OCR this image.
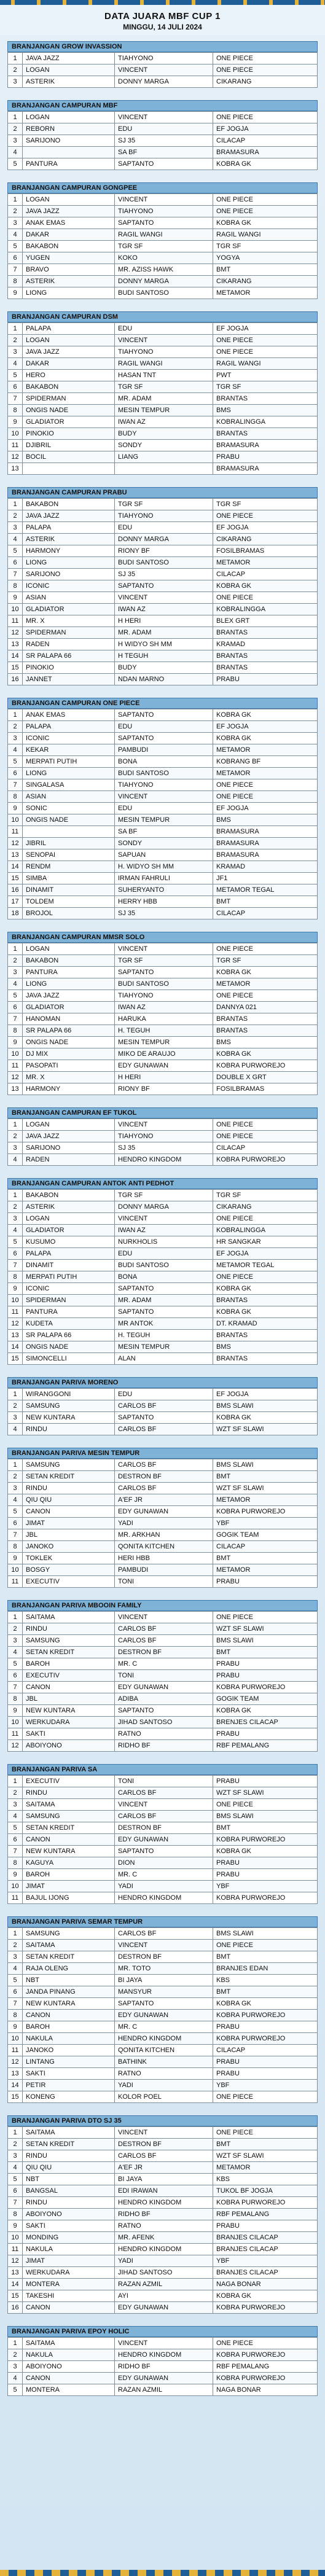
DATA JUARA MBF CUP 1
MINGGU, 14 JULI 2024
BRANJANGAN GROW INVASSION
1	JAVA JAZZ	TIAHYONO	ONE PIECE
2	LOGAN	VINCENT	ONE PIECE
3	ASTERIK	DONNY MARGA	CIKARANG
BRANJANGAN CAMPURAN MBF
1	LOGAN	VINCENT	ONE PIECE
2	REBORN	EDU	EF JOGJA
3	SARIJONO	SJ 35	CILACAP
4		SA BF	BRAMASURA
5	PANTURA	SAPTANTO	KOBRA GK
BRANJANGAN CAMPURAN GONGPEE
1	LOGAN	VINCENT	ONE PIECE
2	JAVA JAZZ	TIAHYONO	ONE PIECE
3	ANAK EMAS	SAPTANTO	KOBRA GK
4	DAKAR	RAGIL WANGI	RAGIL WANGI
5	BAKABON	TGR SF	TGR SF
6	YUGEN	KOKO	YOGYA
7	BRAVO	MR. AZISS HAWK	BMT
8	ASTERIK	DONNY MARGA	CIKARANG
9	LIONG	BUDI SANTOSO	METAMOR
BRANJANGAN CAMPURAN DSM
1	PALAPA	EDU	EF JOGJA
2	LOGAN	VINCENT	ONE PIECE
3	JAVA JAZZ	TIAHYONO	ONE PIECE
4	DAKAR	RAGIL WANGI	RAGIL WANGI
5	HERO	HASAN TNT	PWT
6	BAKABON	TGR SF	TGR SF
7	SPIDERMAN	MR. ADAM	BRANTAS
8	ONGIS NADE	MESIN TEMPUR	BMS
9	GLADIATOR	IWAN AZ	KOBRALINGGA
10	PINOKIO	BUDY	BRANTAS
11	DJIBRIL	SONDY	BRAMASURA
12	BOCIL	LIANG	PRABU
13			BRAMASURA
BRANJANGAN CAMPURAN PRABU
1	BAKABON	TGR SF	TGR SF
2	JAVA JAZZ	TIAHYONO	ONE PIECE
3	PALAPA	EDU	EF JOGJA
4	ASTERIK	DONNY MARGA	CIKARANG
5	HARMONY	RIONY BF	FOSILBRAMAS
6	LIONG	BUDI SANTOSO	METAMOR
7	SARIJONO	SJ 35	CILACAP
8	ICONIC	SAPTANTO	KOBRA GK
9	ASIAN	VINCENT	ONE PIECE
10	GLADIATOR	IWAN AZ	KOBRALINGGA
11	MR. X	H HERI	BLEX GRT
12	SPIDERMAN	MR. ADAM	BRANTAS
13	RADEN	H WIDYO SH MM	KRAMAD
14	SR PALAPA 66	H TEGUH	BRANTAS
15	PINOKIO	BUDY	BRANTAS
16	JANNET	NDAN MARNO	PRABU
BRANJANGAN CAMPURAN ONE PIECE
1	ANAK EMAS	SAPTANTO	KOBRA GK
2	PALAPA	EDU	EF JOGJA
3	ICONIC	SAPTANTO	KOBRA GK
4	KEKAR	PAMBUDI	METAMOR
5	MERPATI PUTIH	BONA	KOBRANG BF
6	LIONG	BUDI SANTOSO	METAMOR
7	SINGALASA	TIAHYONO	ONE PIECE
8	ASIAN	VINCENT	ONE PIECE
9	SONIC	EDU	EF JOGJA
10	ONGIS NADE	MESIN TEMPUR	BMS
11		SA BF	BRAMASURA
12	JIBRIL	SONDY	BRAMASURA
13	SENOPAI	SAPUAN	BRAMASURA
14	RENDM	H. WIDYO SH MM	KRAMAD
15	SIMBA	IRMAN FAHRULI	JF1
16	DINAMIT	SUHERYANTO	METAMOR TEGAL
17	TOLDEM	HERRY HBB	BMT
18	BROJOL	SJ 35	CILACAP
BRANJANGAN CAMPURAN MMSR SOLO
1	LOGAN	VINCENT	ONE PIECE
2	BAKABON	TGR SF	TGR SF
3	PANTURA	SAPTANTO	KOBRA GK
4	LIONG	BUDI SANTOSO	METAMOR
5	JAVA JAZZ	TIAHYONO	ONE PIECE
6	GLADIATOR	IWAN AZ	DANNYA 021
7	HANOMAN	HARUKA	BRANTAS
8	SR PALAPA 66	H. TEGUH	BRANTAS
9	ONGIS NADE	MESIN TEMPUR	BMS
10	DJ MIX	MIKO DE ARAUJO	KOBRA GK
11	PASOPATI	EDY GUNAWAN	KOBRA PURWOREJO
12	MR. X	H HERI	DOUBLE X GRT
13	HARMONY	RIONY BF	FOSILBRAMAS
BRANJANGAN CAMPURAN EF TUKOL
1	LOGAN	VINCENT	ONE PIECE
2	JAVA JAZZ	TIAHYONO	ONE PIECE
3	SARIJONO	SJ 35	CILACAP
4	RADEN	HENDRO KINGDOM	KOBRA PURWOREJO
BRANJANGAN CAMPURAN ANTOK ANTI PEDHOT
1	BAKABON	TGR SF	TGR SF
2	ASTERIK	DONNY MARGA	CIKARANG
3	LOGAN	VINCENT	ONE PIECE
4	GLADIATOR	IWAN AZ	KOBRALINGGA
5	KUSUMO	NURKHOLIS	HR SANGKAR
6	PALAPA	EDU	EF JOGJA
7	DINAMIT	BUDI SANTOSO	METAMOR TEGAL
8	MERPATI PUTIH	BONA	ONE PIECE
9	ICONIC	SAPTANTO	KOBRA GK
10	SPIDERMAN	MR. ADAM	BRANTAS
11	PANTURA	SAPTANTO	KOBRA GK
12	KUDETA	MR ANTOK	DT. KRAMAD
13	SR PALAPA 66	H. TEGUH	BRANTAS
14	ONGIS NADE	MESIN TEMPUR	BMS
15	SIMONCELLI	ALAN	BRANTAS
BRANJANGAN PARIVA MORENO
1	WIRANGGONI	EDU	EF JOGJA
2	SAMSUNG	CARLOS BF	BMS SLAWI
3	NEW KUNTARA	SAPTANTO	KOBRA GK
4	RINDU	CARLOS BF	WZT SF SLAWI
BRANJANGAN PARIVA MESIN TEMPUR
1	SAMSUNG	CARLOS BF	BMS SLAWI
2	SETAN KREDIT	DESTRON BF	BMT
3	RINDU	CARLOS BF	WZT SF SLAWI
4	QIU QIU	A'EF JR	METAMOR
5	CANON	EDY GUNAWAN	KOBRA PURWOREJO
6	JIMAT	YADI	YBF
7	JBL	MR. ARKHAN	GOGIK TEAM
8	JANOKO	QONITA KITCHEN	CILACAP
9	TOKLEK	HERI HBB	BMT
10	BOSGY	PAMBUDI	METAMOR
11	EXECUTIV	TONI	PRABU
BRANJANGAN PARIVA MBOOIN FAMILY
1	SAITAMA	VINCENT	ONE PIECE
2	RINDU	CARLOS BF	WZT SF SLAWI
3	SAMSUNG	CARLOS BF	BMS SLAWI
4	SETAN KREDIT	DESTRON BF	BMT
5	BAROH	MR. C	PRABU
6	EXECUTIV	TONI	PRABU
7	CANON	EDY GUNAWAN	KOBRA PURWOREJO
8	JBL	ADIBA	GOGIK TEAM
9	NEW KUNTARA	SAPTANTO	KOBRA GK
10	WERKUDARA	JIHAD SANTOSO	BRENJES CILACAP
11	SAKTI	RATNO	PRABU
12	ABOIYONO	RIDHO BF	RBF PEMALANG
BRANJANGAN PARIVA SA
1	EXECUTIV	TONI	PRABU
2	RINDU	CARLOS BF	WZT SF SLAWI
3	SAITAMA	VINCENT	ONE PIECE
4	SAMSUNG	CARLOS BF	BMS SLAWI
5	SETAN KREDIT	DESTRON BF	BMT
6	CANON	EDY GUNAWAN	KOBRA PURWOREJO
7	NEW KUNTARA	SAPTANTO	KOBRA GK
8	KAGUYA	DION	PRABU
9	BAROH	MR. C	PRABU
10	JIMAT	YADI	YBF
11	BAJUL IJONG	HENDRO KINGDOM	KOBRA PURWOREJO
BRANJANGAN PARIVA SEMAR TEMPUR
1	SAMSUNG	CARLOS BF	BMS SLAWI
2	SAITAMA	VINCENT	ONE PIECE
3	SETAN KREDIT	DESTRON BF	BMT
4	RAJA OLENG	MR. TOTO	BRANJES EDAN
5	NBT	BI JAYA	KBS
6	JANDA PINANG	MANSYUR	BMT
7	NEW KUNTARA	SAPTANTO	KOBRA GK
8	CANON	EDY GUNAWAN	KOBRA PURWOREJO
9	BAROH	MR. C	PRABU
10	NAKULA	HENDRO KINGDOM	KOBRA PURWOREJO
11	JANOKO	QONITA KITCHEN	CILACAP
12	LINTANG	BATHINK	PRABU
13	SAKTI	RATNO	PRABU
14	PETIR	YADI	YBF
15	KONENG	KOLOR POEL	ONE PIECE
BRANJANGAN PARIVA DTO SJ 35
1	SAITAMA	VINCENT	ONE PIECE
2	SETAN KREDIT	DESTRON BF	BMT
3	RINDU	CARLOS BF	WZT SF SLAWI
4	QIU QIU	A'EF JR	METAMOR
5	NBT	BI JAYA	KBS
6	BANGSAL	EDI IRAWAN	TUKOL BF JOGJA
7	RINDU	HENDRO KINGDOM	KOBRA PURWOREJO
8	ABOIYONO	RIDHO BF	RBF PEMALANG
9	SAKTI	RATNO	PRABU
10	MONDING	MR. AFENK	BRANJES CILACAP
11	NAKULA	HENDRO KINGDOM	BRANJES CILACAP
12	JIMAT	YADI	YBF
13	WERKUDARA	JIHAD SANTOSO	BRANJES CILACAP
14	MONTERA	RAZAN AZMIL	NAGA BONAR
15	TAKESHI	AYI	KOBRA GK
16	CANON	EDY GUNAWAN	KOBRA PURWOREJO
BRANJANGAN PARIVA EPOY HOLIC
1	SAITAMA	VINCENT	ONE PIECE
2	NAKULA	HENDRO KINGDOM	KOBRA PURWOREJO
3	ABOIYONO	RIDHO BF	RBF PEMALANG
4	CANON	EDY GUNAWAN	KOBRA PURWOREJO
5	MONTERA	RAZAN AZMIL	NAGA BONAR
